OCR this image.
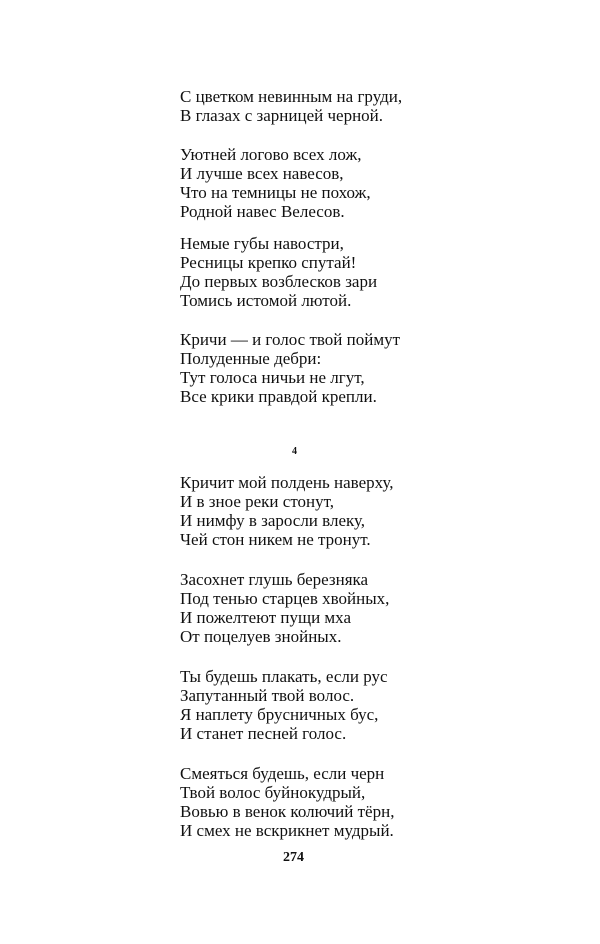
С цветком невинным на груди,
В глазах с зарницей черной.
Уютней логово всех лож,
И лучше всех навесов,
Что на темницы не похож,
Родной навес Велесов.
Немые губы навостри,
Ресницы крепко спутай!
До первых возблесков зари
Томись истомой лютой.
Кричи — и голос твой поймут
Полуденные дебри:
Тут голоса ничьи не лгут,
Все крики правдой крепли.
4
Кричит мой полдень наверху,
И в зное реки стонут,
И нимфу в заросли влеку,
Чей стон никем не тронут.
Засохнет глушь березняка
Под тенью старцев хвойных,
И пожелтеют пущи мха
От поцелуев знойных.
Ты будешь плакать, если рус
Запутанный твой волос.
Я наплету брусничных бус,
И станет песней голос.
Смеяться будешь, если черн
Твой волос буйнокудрый,
Вовью в венок колючий тёрн,
И смех не вскрикнет мудрый.
274
